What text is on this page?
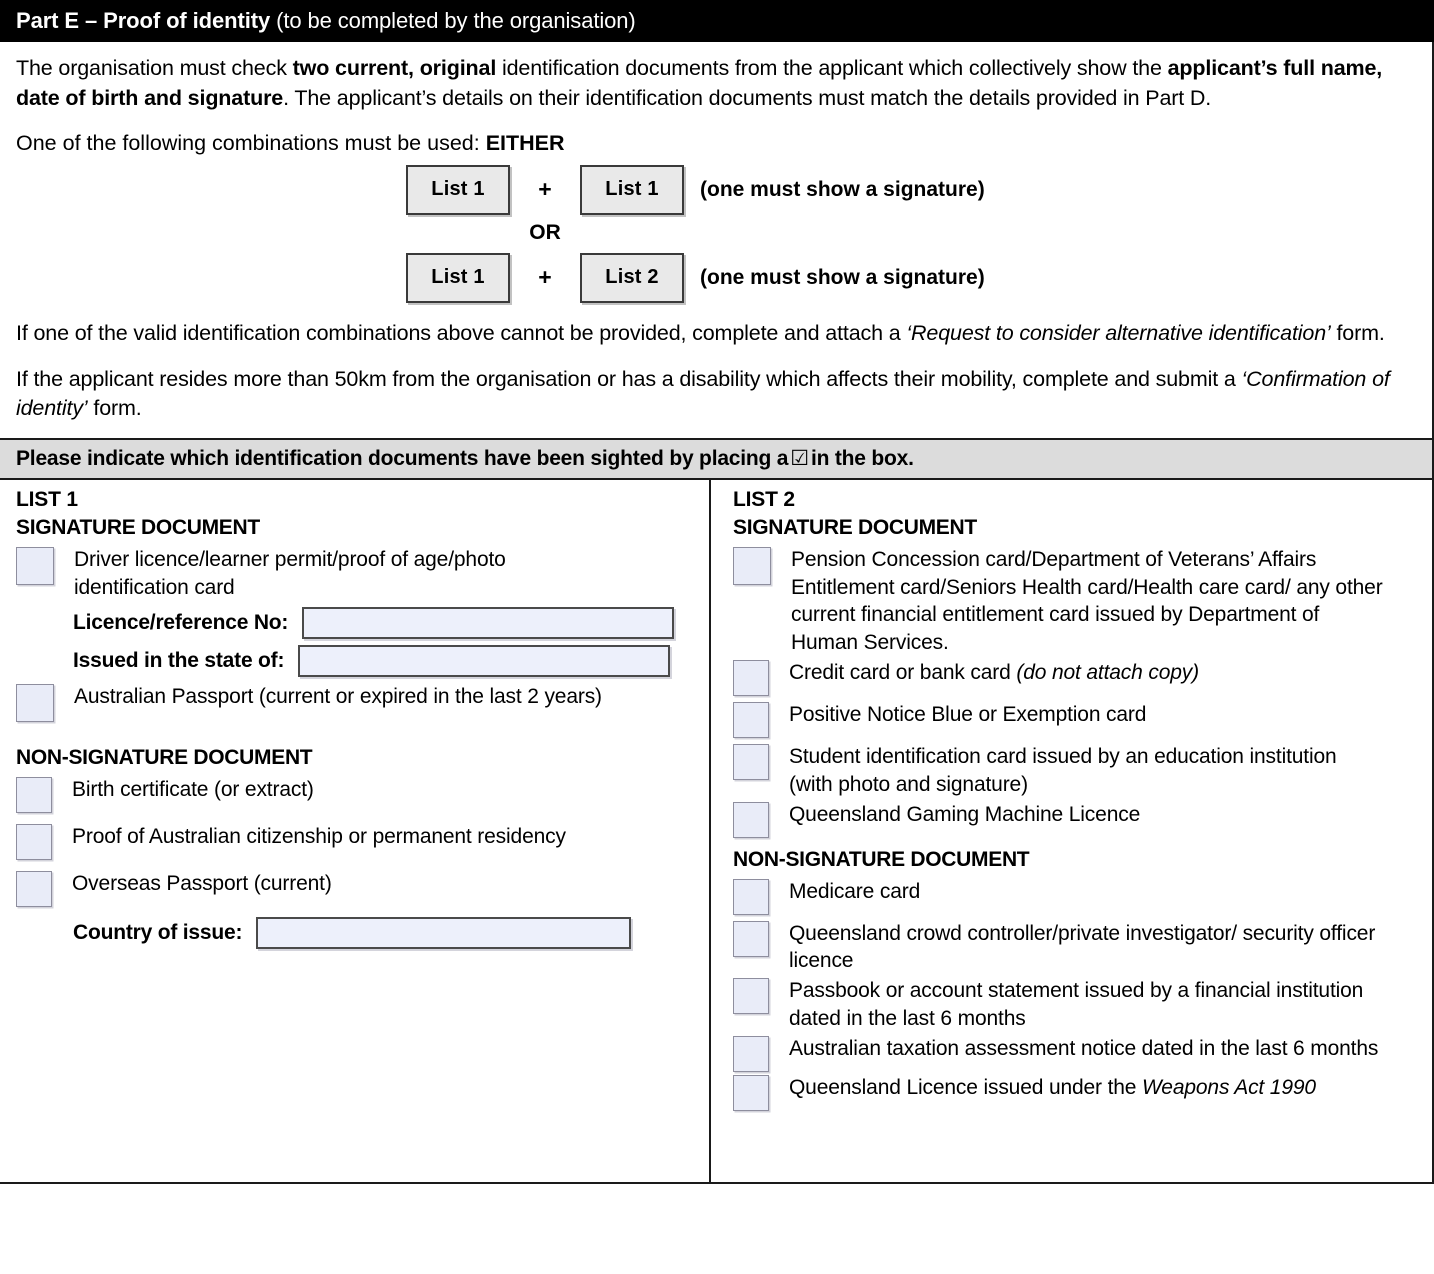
Part E – Proof of identity (to be completed by the organisation)

The organisation must check two current, original identification documents from the applicant which collectively show the applicant’s full name, date of birth and signature. The applicant’s details on their identification documents must match the details provided in Part D.

One of the following combinations must be used: EITHER
List 1	+	List 1	(one must show a signature)
OR
List 1	+	List 2	(one must show a signature)

If one of the valid identification combinations above cannot be provided, complete and attach a ‘Request to consider alternative identification’ form.

If the applicant resides more than 50km from the organisation or has a disability which affects their mobility, complete and submit a ‘Confirmation of identity’ form.

Please indicate which identification documents have been sighted by placing a ☑ in the box.
LIST 1
SIGNATURE DOCUMENT
Driver licence/learner permit/proof of age/photo identification card
Licence/reference No:
Issued in the state of:
Australian Passport (current or expired in the last 2 years)
NON-SIGNATURE DOCUMENT
Birth certificate (or extract)
Proof of Australian citizenship or permanent residency
Overseas Passport (current)
Country of issue:
LIST 2
SIGNATURE DOCUMENT
Pension Concession card/Department of Veterans’ Affairs Entitlement card/Seniors Health card/Health care card/ any other current financial entitlement card issued by Department of Human Services.
Credit card or bank card (do not attach copy)
Positive Notice Blue or Exemption card
Student identification card issued by an education institution (with photo and signature)
Queensland Gaming Machine Licence
NON-SIGNATURE DOCUMENT
Medicare card
Queensland crowd controller/private investigator/ security officer licence
Passbook or account statement issued by a financial institution dated in the last 6 months
Australian taxation assessment notice dated in the last 6 months
Queensland Licence issued under the Weapons Act 1990
